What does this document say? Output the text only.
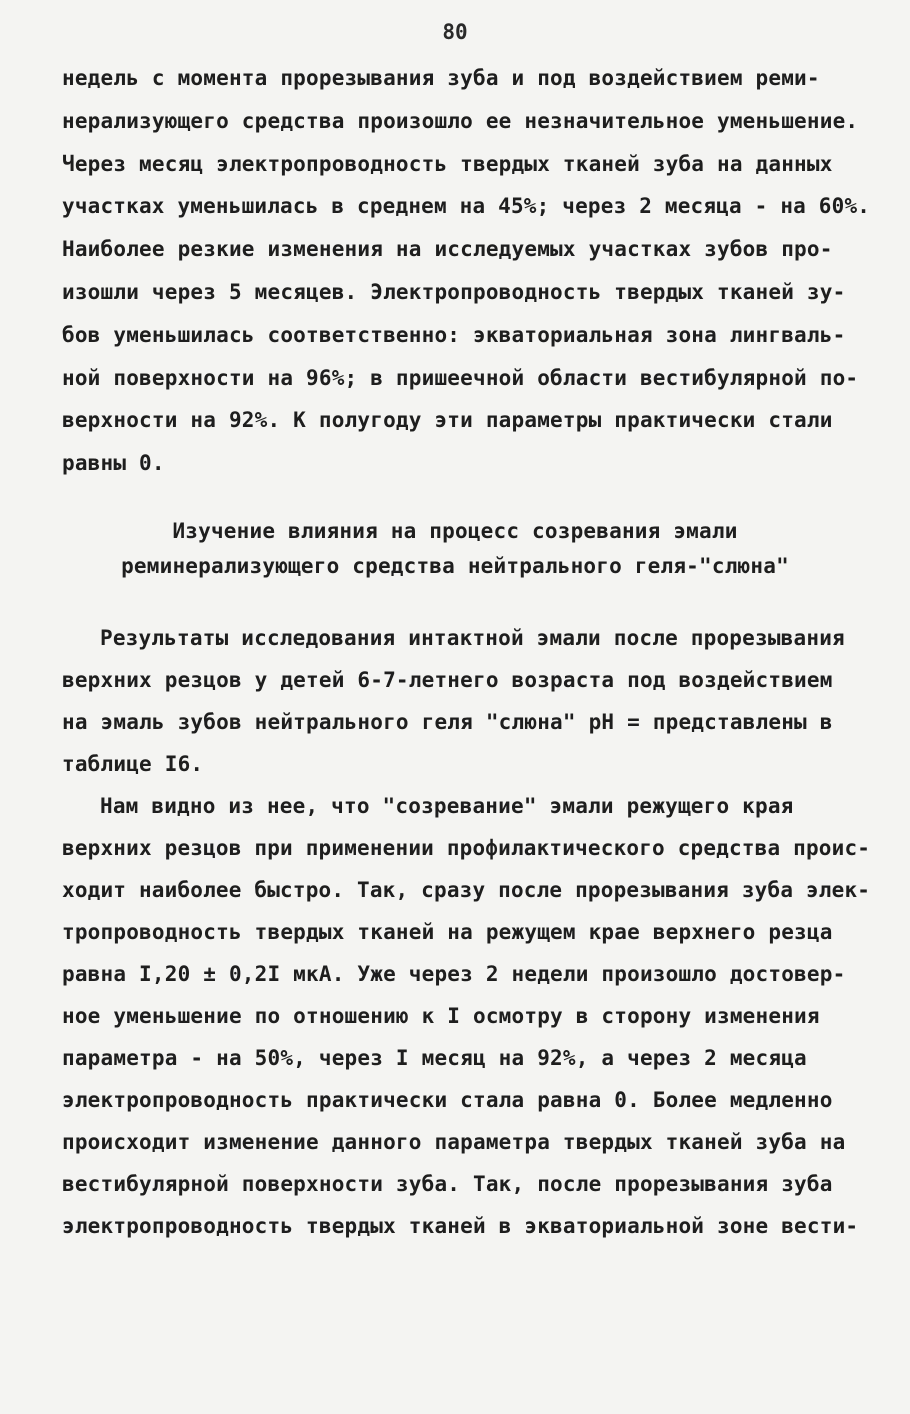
80
недель с момента прорезывания зуба и под воздействием реми-
нерализующего средства произошло ее незначительное уменьшение.
Через месяц электропроводность твердых тканей зуба на данных
участках уменьшилась в среднем на 45%; через 2 месяца - на 60%.
Наиболее резкие изменения на исследуемых участках зубов про-
изошли через 5 месяцев. Электропроводность твердых тканей зу-
бов уменьшилась соответственно: экваториальная зона лингваль-
ной поверхности на 96%; в пришеечной области вестибулярной по-
верхности на 92%. К полугоду эти параметры практически стали
равны 0.
Изучение влияния на процесс созревания эмали
реминерализующего средства нейтрального геля-"слюна"
Результаты исследования интактной эмали после прорезывания
верхних резцов у детей 6-7-летнего возраста под воздействием
на эмаль зубов нейтрального геля "слюна" pH = представлены в
таблице I6.
Нам видно из нее, что "созревание" эмали режущего края
верхних резцов при применении профилактического средства проис-
ходит наиболее быстро. Так, сразу после прорезывания зуба элек-
тропроводность твердых тканей на режущем крае верхнего резца
равна I,20 ± 0,2I мкА. Уже через 2 недели произошло достовер-
ное уменьшение по отношению к I осмотру в сторону изменения
параметра - на 50%, через I месяц на 92%, а через 2 месяца
электропроводность практически стала равна 0. Более медленно
происходит изменение данного параметра твердых тканей зуба на
вестибулярной поверхности зуба. Так, после прорезывания зуба
электропроводность твердых тканей в экваториальной зоне вести-
